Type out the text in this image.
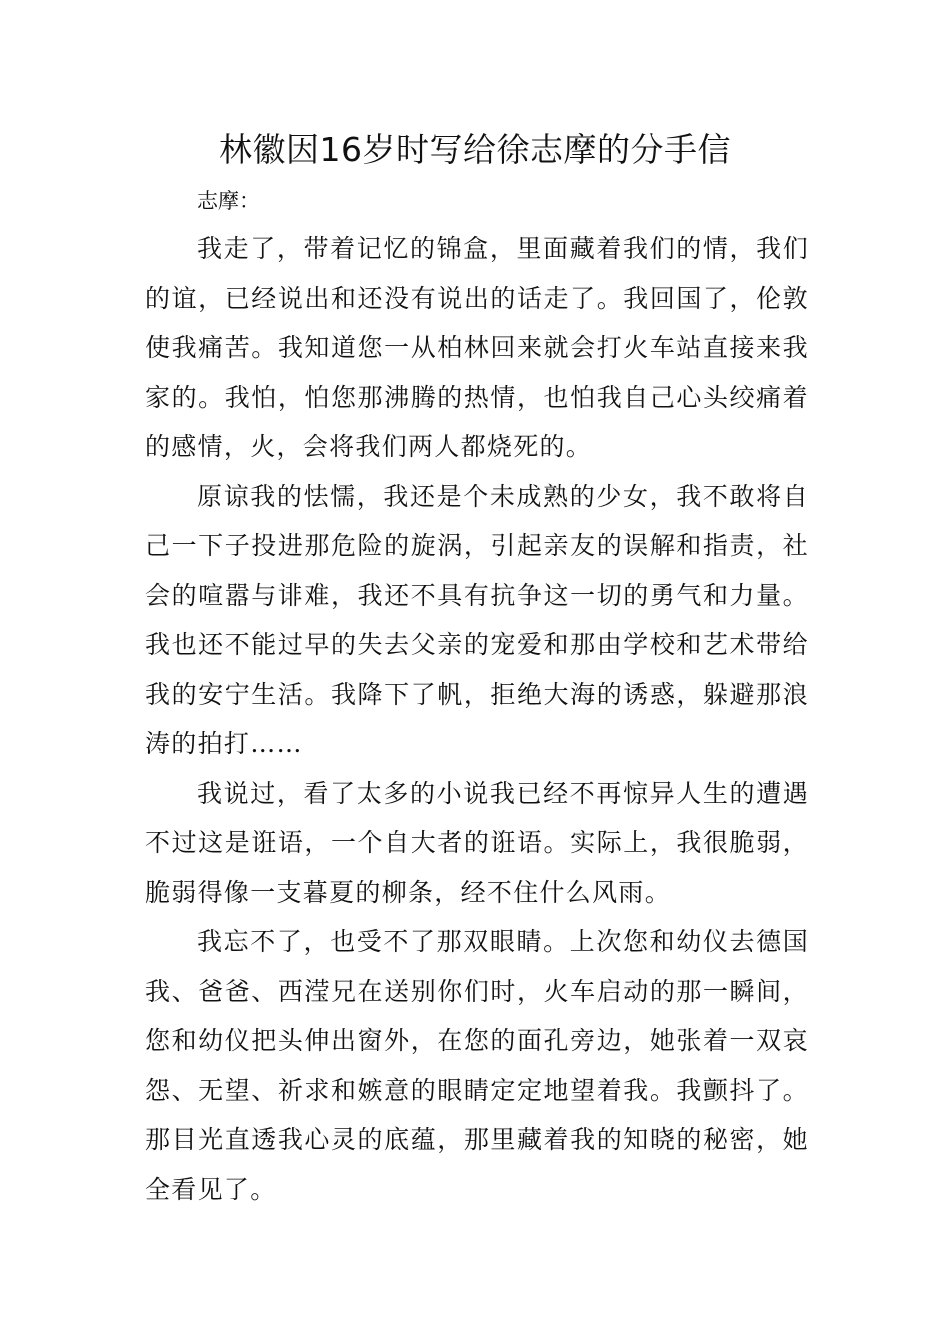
林徽因16岁时写给徐志摩的分手信

志摩：

我走了，带着记忆的锦盒，里面藏着我们的情，我们的谊，已经说出和还没有说出的话走了。我回国了，伦敦使我痛苦。我知道您一从柏林回来就会打火车站直接来我家的。我怕，怕您那沸腾的热情，也怕我自己心头绞痛着的感情，火，会将我们两人都烧死的。

原谅我的怯懦，我还是个未成熟的少女，我不敢将自己一下子投进那危险的旋涡，引起亲友的误解和指责，社会的喧嚣与诽难，我还不具有抗争这一切的勇气和力量。我也还不能过早的失去父亲的宠爱和那由学校和艺术带给我的安宁生活。我降下了帆，拒绝大海的诱惑，躲避那浪涛的拍打……

我说过，看了太多的小说我已经不再惊异人生的遭遇不过这是诳语，一个自大者的诳语。实际上，我很脆弱，脆弱得像一支暮夏的柳条，经不住什么风雨。

我忘不了，也受不了那双眼睛。上次您和幼仪去德国我、爸爸、西滢兄在送别你们时，火车启动的那一瞬间，您和幼仪把头伸出窗外，在您的面孔旁边，她张着一双哀怨、无望、祈求和嫉意的眼睛定定地望着我。我颤抖了。那目光直透我心灵的底蕴，那里藏着我的知晓的秘密，她全看见了。
